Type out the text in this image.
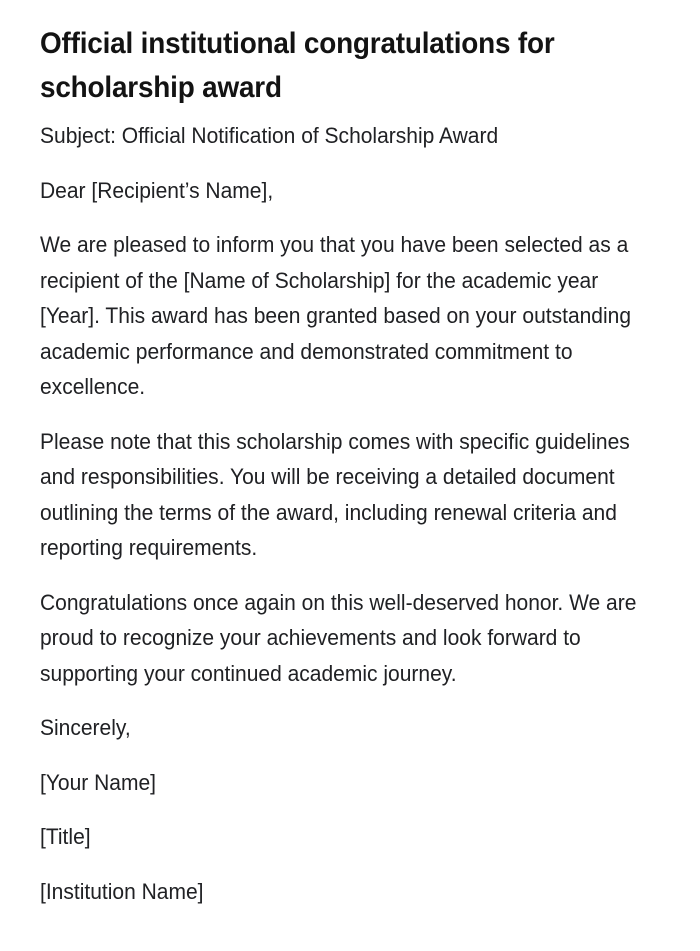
Official institutional congratulations for scholarship award

Subject: Official Notification of Scholarship Award

Dear [Recipient’s Name],

We are pleased to inform you that you have been selected as a recipient of the [Name of Scholarship] for the academic year [Year]. This award has been granted based on your outstanding academic performance and demonstrated commitment to excellence.

Please note that this scholarship comes with specific guidelines and responsibilities. You will be receiving a detailed document outlining the terms of the award, including renewal criteria and reporting requirements.

Congratulations once again on this well-deserved honor. We are proud to recognize your achievements and look forward to supporting your continued academic journey.

Sincerely,

[Your Name]

[Title]

[Institution Name]
